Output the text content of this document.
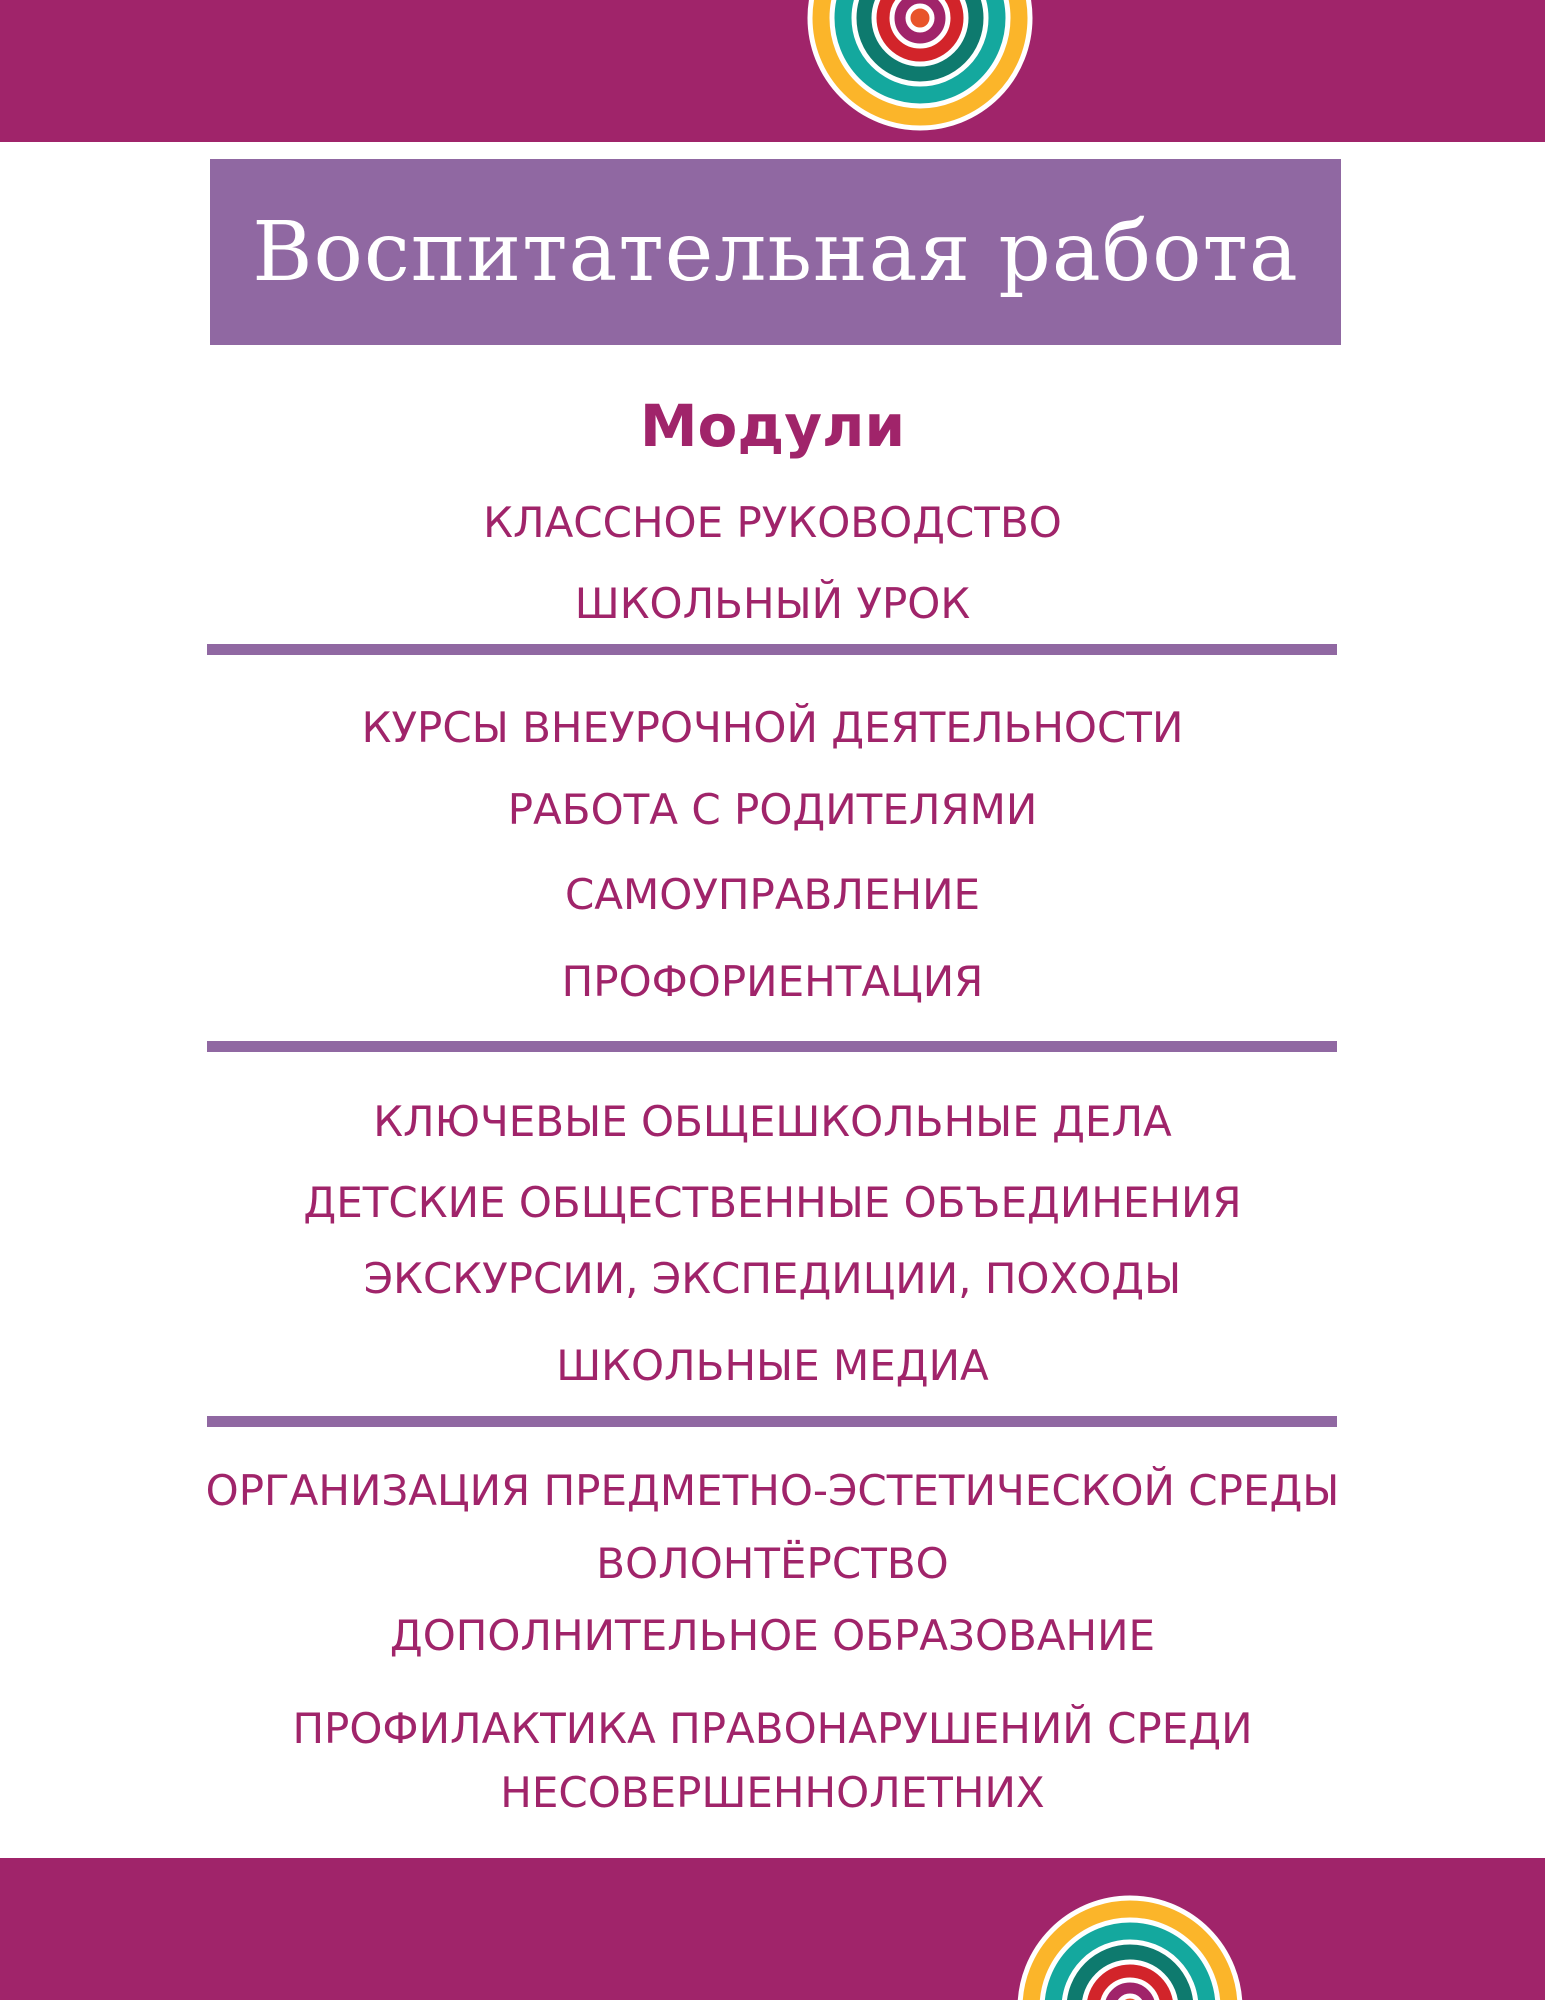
Воспитательная работа
Модули
КЛАССНОЕ РУКОВОДСТВО
ШКОЛЬНЫЙ УРОК
КУРСЫ ВНЕУРОЧНОЙ ДЕЯТЕЛЬНОСТИ
РАБОТА С РОДИТЕЛЯМИ
САМОУПРАВЛЕНИЕ
ПРОФОРИЕНТАЦИЯ
КЛЮЧЕВЫЕ ОБЩЕШКОЛЬНЫЕ ДЕЛА
ДЕТСКИЕ ОБЩЕСТВЕННЫЕ ОБЪЕДИНЕНИЯ
ЭКСКУРСИИ, ЭКСПЕДИЦИИ, ПОХОДЫ
ШКОЛЬНЫЕ МЕДИА
ОРГАНИЗАЦИЯ ПРЕДМЕТНО-ЭСТЕТИЧЕСКОЙ СРЕДЫ
ВОЛОНТЁРСТВО
ДОПОЛНИТЕЛЬНОЕ ОБРАЗОВАНИЕ
ПРОФИЛАКТИКА ПРАВОНАРУШЕНИЙ СРЕДИ
НЕСОВЕРШЕННОЛЕТНИХ
